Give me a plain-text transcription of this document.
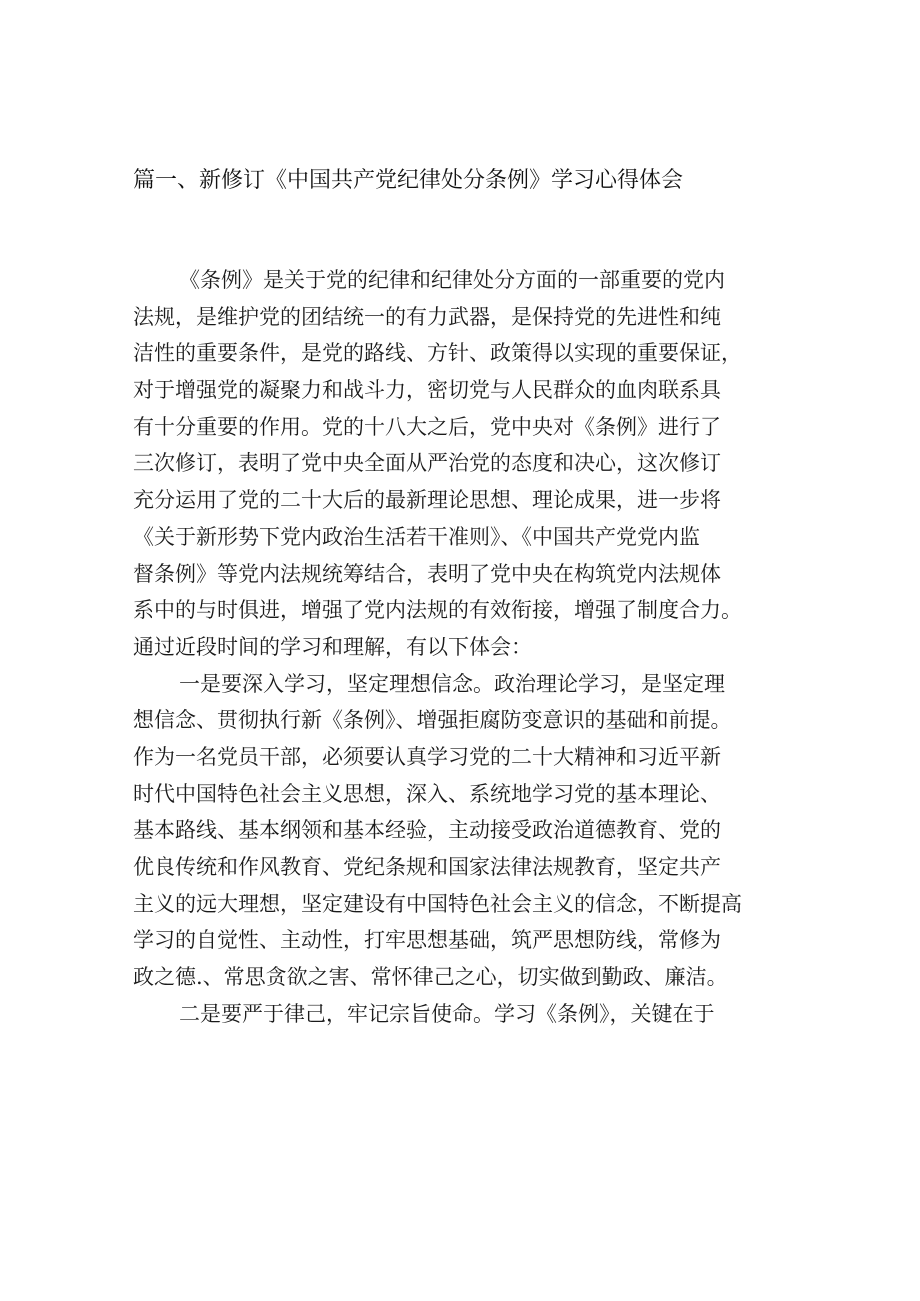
篇一、新修订《中国共产党纪律处分条例》学习心得体会
《条例》是关于党的纪律和纪律处分方面的一部重要的党内
法规，是维护党的团结统一的有力武器，是保持党的先进性和纯
洁性的重要条件，是党的路线、方针、政策得以实现的重要保证，
对于增强党的凝聚力和战斗力，密切党与人民群众的血肉联系具
有十分重要的作用。党的十八大之后，党中央对《条例》进行了
三次修订，表明了党中央全面从严治党的态度和决心，这次修订
充分运用了党的二十大后的最新理论思想、理论成果，进一步将
《关于新形势下党内政治生活若干准则》、《中国共产党党内监
督条例》等党内法规统筹结合，表明了党中央在构筑党内法规体
系中的与时俱进，增强了党内法规的有效衔接，增强了制度合力。
通过近段时间的学习和理解，有以下体会：
一是要深入学习，坚定理想信念。政治理论学习，是坚定理
想信念、贯彻执行新《条例》、增强拒腐防变意识的基础和前提。
作为一名党员干部，必须要认真学习党的二十大精神和习近平新
时代中国特色社会主义思想，深入、系统地学习党的基本理论、
基本路线、基本纲领和基本经验，主动接受政治道德教育、党的
优良传统和作风教育、党纪条规和国家法律法规教育，坚定共产
主义的远大理想，坚定建设有中国特色社会主义的信念，不断提高
学习的自觉性、主动性，打牢思想基础，筑严思想防线，常修为
政之德.、常思贪欲之害、常怀律己之心，切实做到勤政、廉洁。
二是要严于律己，牢记宗旨使命。学习《条例》，关键在于
